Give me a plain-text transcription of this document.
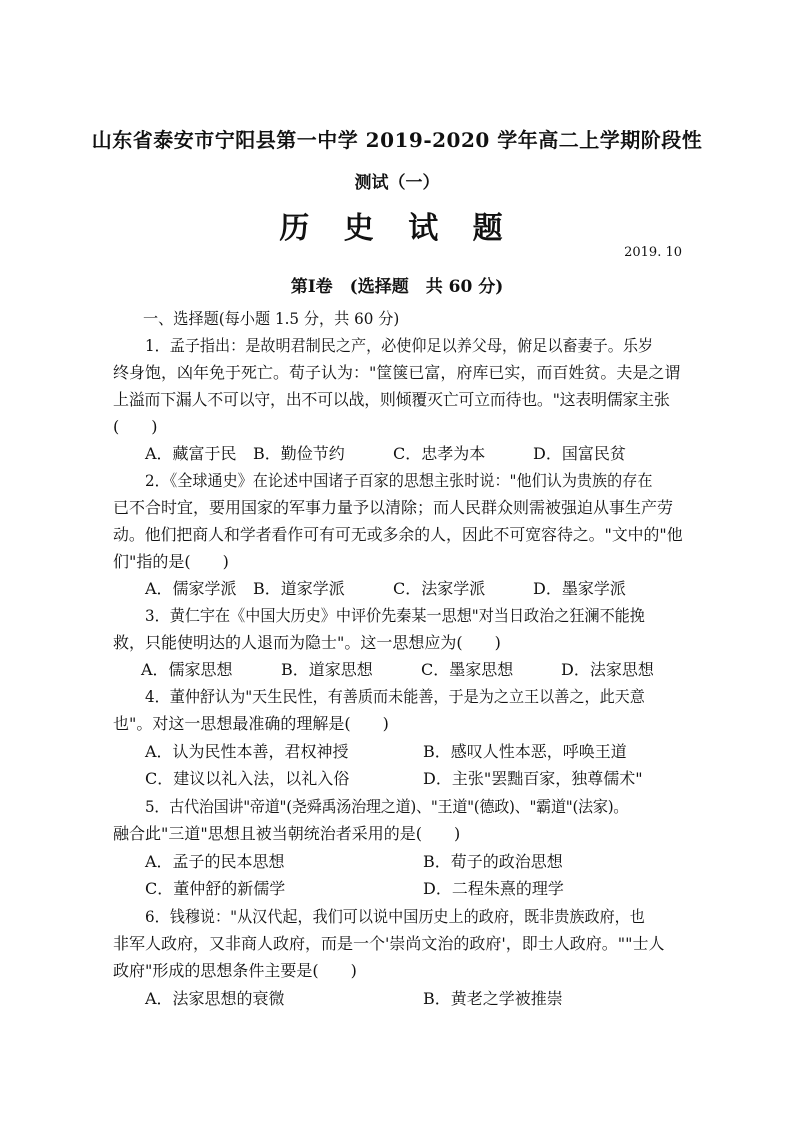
山东省泰安市宁阳县第一中学 2019-2020 学年高二上学期阶段性
测试（一）
历 史 试 题
2019. 10
第Ⅰ卷　(选择题　共 60 分)
一、选择题(每小题 1.5 分，共 60 分)
1．孟子指出：是故明君制民之产，必使仰足以养父母，俯足以畜妻子。乐岁
终身饱，凶年免于死亡。荀子认为："筐箧已富，府库已实，而百姓贫。夫是之谓
上溢而下漏人不可以守，出不可以战，则倾覆灭亡可立而待也。"这表明儒家主张
(　　)
A．藏富于民 B．勤俭节约	C．忠孝为本	D．国富民贫
2．《全球通史》在论述中国诸子百家的思想主张时说："他们认为贵族的存在
已不合时宜，要用国家的军事力量予以清除；而人民群众则需被强迫从事生产劳
动。他们把商人和学者看作可有可无或多余的人，因此不可宽容待之。"文中的"他
们"指的是(　　)
A．儒家学派 B．道家学派	C．法家学派	D．墨家学派
3．黄仁宇在《中国大历史》中评价先秦某一思想"对当日政治之狂澜不能挽
救，只能使明达的人退而为隐士"。这一思想应为(　　)
A．儒家思想	B．道家思想	C．墨家思想	D．法家思想
4．董仲舒认为"天生民性，有善质而未能善，于是为之立王以善之，此天意
也"。对这一思想最准确的理解是(　　)
A．认为民性本善，君权神授	B．感叹人性本恶，呼唤王道
C．建议以礼入法，以礼入俗	D．主张"罢黜百家，独尊儒术"
5．古代治国讲"帝道"(尧舜禹汤治理之道)、"王道"(德政)、"霸道"(法家)。
融合此"三道"思想且被当朝统治者采用的是(　　)
A．孟子的民本思想	B．荀子的政治思想
C．董仲舒的新儒学	D．二程朱熹的理学
6．钱穆说："从汉代起，我们可以说中国历史上的政府，既非贵族政府，也
非军人政府，又非商人政府，而是一个'崇尚文治的政府'，即士人政府。""士人
政府"形成的思想条件主要是(　　)
A．法家思想的衰微	B．黄老之学被推崇
